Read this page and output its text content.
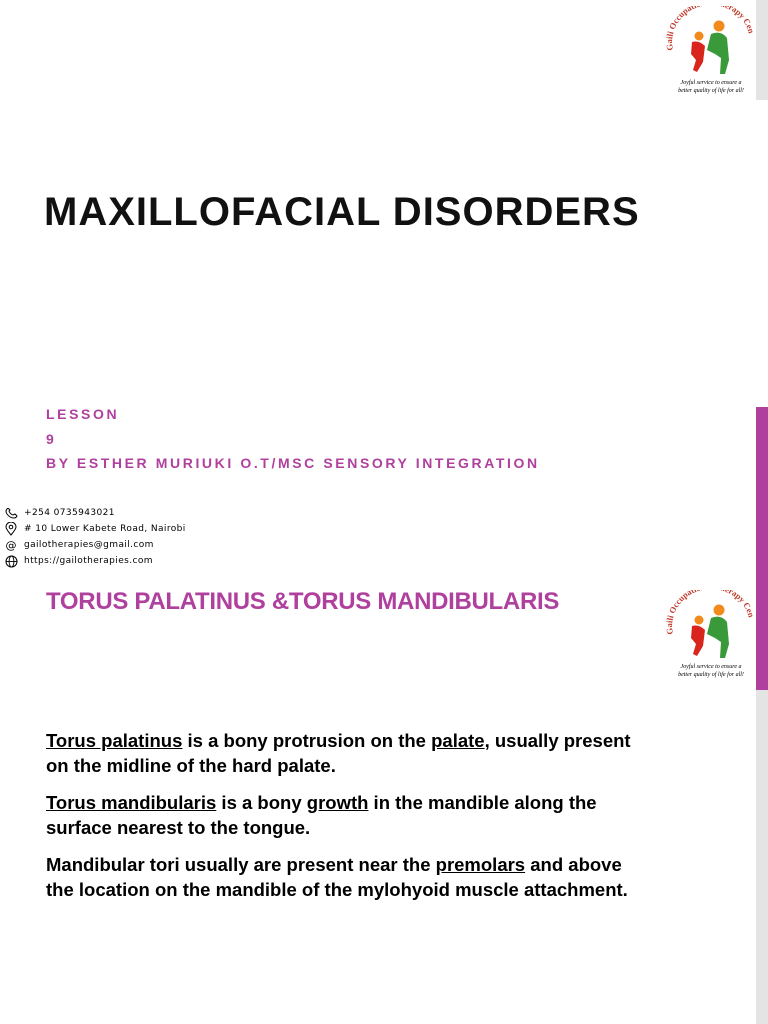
Gaili Occupat rapy Cen
Joyful service to ensure a
better quality of life for all!
MAXILLOFACIAL DISORDERS
LESSON
9
BY ESTHER MURIUKI O.T/MSC SENSORY INTEGRATION
+254 0735943021
# 10 Lower Kabete Road, Nairobi
@ gailotherapies@gmail.com
https://gailotherapies.com
Gaili Occupat rapy Cen
Joyful service to ensure a
better quality of life for all!
TORUS PALATINUS &TORUS MANDIBULARIS

Torus palatinus is a bony protrusion on the palate, usually present on the midline of the hard palate.

Torus mandibularis is a bony growth in the mandible along the surface nearest to the tongue.

Mandibular tori usually are present near the premolars and above the location on the mandible of the mylohyoid muscle attachment.
